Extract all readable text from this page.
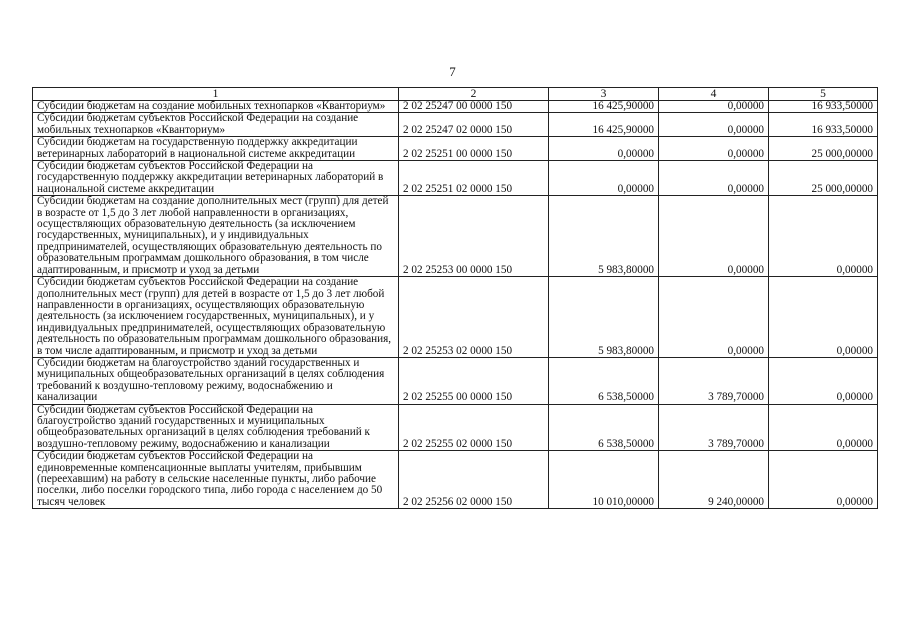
7
1	2	3	4	5
Субсидии бюджетам на создание мобильных технопарков «Кванториум»	2 02 25247 00 0000 150	16 425,90000	0,00000	16 933,50000
Субсидии бюджетам субъектов Российской Федерации на создание мобильных технопарков «Кванториум»	2 02 25247 02 0000 150	16 425,90000	0,00000	16 933,50000
Субсидии бюджетам на государственную поддержку аккредитации ветеринарных лабораторий в национальной системе аккредитации	2 02 25251 00 0000 150	0,00000	0,00000	25 000,00000
Субсидии бюджетам субъектов Российской Федерации на государственную поддержку аккредитации ветеринарных лабораторий в национальной системе аккредитации	2 02 25251 02 0000 150	0,00000	0,00000	25 000,00000
Субсидии бюджетам на создание дополнительных мест (групп) для детей в возрасте от 1,5 до 3 лет любой направленности в организациях, осуществляющих образовательную деятельность (за исключением государственных, муниципальных), и у индивидуальных предпринимателей, осуществляющих образовательную деятельность по образовательным программам дошкольного образования, в том числе адаптированным, и присмотр и уход за детьми	2 02 25253 00 0000 150	5 983,80000	0,00000	0,00000
Субсидии бюджетам субъектов Российской Федерации на создание дополнительных мест (групп) для детей в возрасте от 1,5 до 3 лет любой направленности в организациях, осуществляющих образовательную деятельность (за исключением государственных, муниципальных), и у индивидуальных предпринимателей, осуществляющих образовательную деятельность по образовательным программам дошкольного образования, в том числе адаптированным, и присмотр и уход за детьми	2 02 25253 02 0000 150	5 983,80000	0,00000	0,00000
Субсидии бюджетам на благоустройство зданий государственных и муниципальных общеобразовательных организаций в целях соблюдения требований к воздушно-тепловому режиму, водоснабжению и канализации	2 02 25255 00 0000 150	6 538,50000	3 789,70000	0,00000
Субсидии бюджетам субъектов Российской Федерации на благоустройство зданий государственных и муниципальных общеобразовательных организаций в целях соблюдения требований к воздушно-тепловому режиму, водоснабжению и канализации	2 02 25255 02 0000 150	6 538,50000	3 789,70000	0,00000
Субсидии бюджетам субъектов Российской Федерации на единовременные компенсационные выплаты учителям, прибывшим (переехавшим) на работу в сельские населенные пункты, либо рабочие поселки, либо поселки городского типа, либо города с населением до 50 тысяч человек	2 02 25256 02 0000 150	10 010,00000	9 240,00000	0,00000
